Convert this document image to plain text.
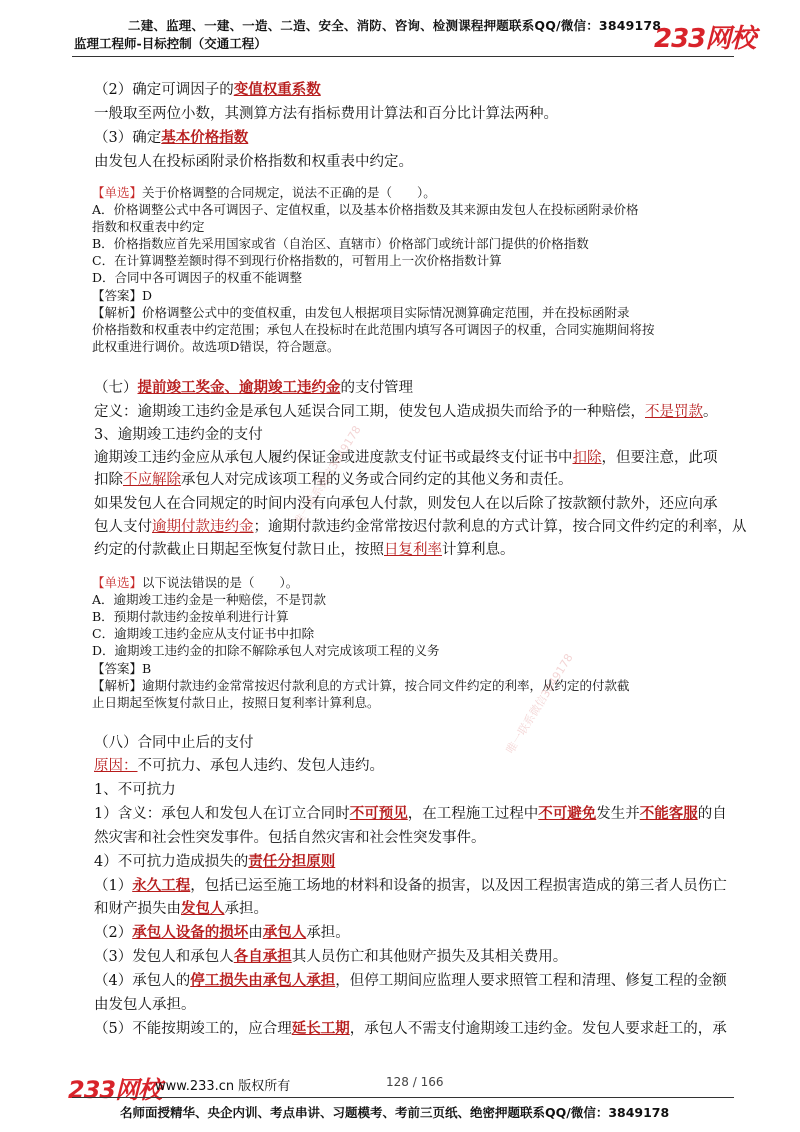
二建、监理、一建、一造、二造、安全、消防、咨询、检测课程押题联系QQ/微信：3849178
监理工程师-目标控制（交通工程）	233网校
（2）确定可调因子的变值权重系数
一般取至两位小数，其测算方法有指标费用计算法和百分比计算法两种。
（3）确定基本价格指数
由发包人在投标函附录价格指数和权重表中约定。
【单选】关于价格调整的合同规定，说法不正确的是（　　）。
A．价格调整公式中各可调因子、定值权重，以及基本价格指数及其来源由发包人在投标函附录价格
指数和权重表中约定
B．价格指数应首先采用国家或省（自治区、直辖市）价格部门或统计部门提供的价格指数
C．在计算调整差额时得不到现行价格指数的，可暂用上一次价格指数计算
D．合同中各可调因子的权重不能调整
【答案】D
【解析】价格调整公式中的变值权重，由发包人根据项目实际情况测算确定范围，并在投标函附录
价格指数和权重表中约定范围；承包人在投标时在此范围内填写各可调因子的权重，合同实施期间将按
此权重进行调价。故选项D错误，符合题意。
（七）提前竣工奖金、逾期竣工违约金的支付管理
定义：逾期竣工违约金是承包人延误合同工期，使发包人造成损失而给予的一种赔偿，不是罚款。
3、逾期竣工违约金的支付
逾期竣工违约金应从承包人履约保证金或进度款支付证书或最终支付证书中扣除，但要注意，此项
扣除不应解除承包人对完成该项工程的义务或合同约定的其他义务和责任。
如果发包人在合同规定的时间内没有向承包人付款，则发包人在以后除了按款额付款外，还应向承
包人支付逾期付款违约金；逾期付款违约金常常按迟付款利息的方式计算，按合同文件约定的利率，从
约定的付款截止日期起至恢复付款日止，按照日复利率计算利息。
【单选】以下说法错误的是（　　）。
A．逾期竣工违约金是一种赔偿，不是罚款
B．预期付款违约金按单利进行计算
C．逾期竣工违约金应从支付证书中扣除
D．逾期竣工违约金的扣除不解除承包人对完成该项工程的义务
【答案】B
【解析】逾期付款违约金常常按迟付款利息的方式计算，按合同文件约定的利率，从约定的付款截
止日期起至恢复付款日止，按照日复利率计算利息。
（八）合同中止后的支付
原因：不可抗力、承包人违约、发包人违约。
1、不可抗力
1）含义：承包人和发包人在订立合同时不可预见，在工程施工过程中不可避免发生并不能客服的自
然灾害和社会性突发事件。包括自然灾害和社会性突发事件。
4）不可抗力造成损失的责任分担原则
（1）永久工程，包括已运至施工场地的材料和设备的损害，以及因工程损害造成的第三者人员伤亡
和财产损失由发包人承担。
（2）承包人设备的损坏由承包人承担。
（3）发包人和承包人各自承担其人员伤亡和其他财产损失及其相关费用。
（4）承包人的停工损失由承包人承担，但停工期间应监理人要求照管工程和清理、修复工程的金额
由发包人承担。
（5）不能按期竣工的，应合理延长工期，承包人不需支付逾期竣工违约金。发包人要求赶工的，承
唯一联系微信3849178
唯一联系微信3849178
233网校
www.233.cn 版权所有	128 / 166
名师面授精华、央企内训、考点串讲、习题模考、考前三页纸、绝密押题联系QQ/微信：3849178
